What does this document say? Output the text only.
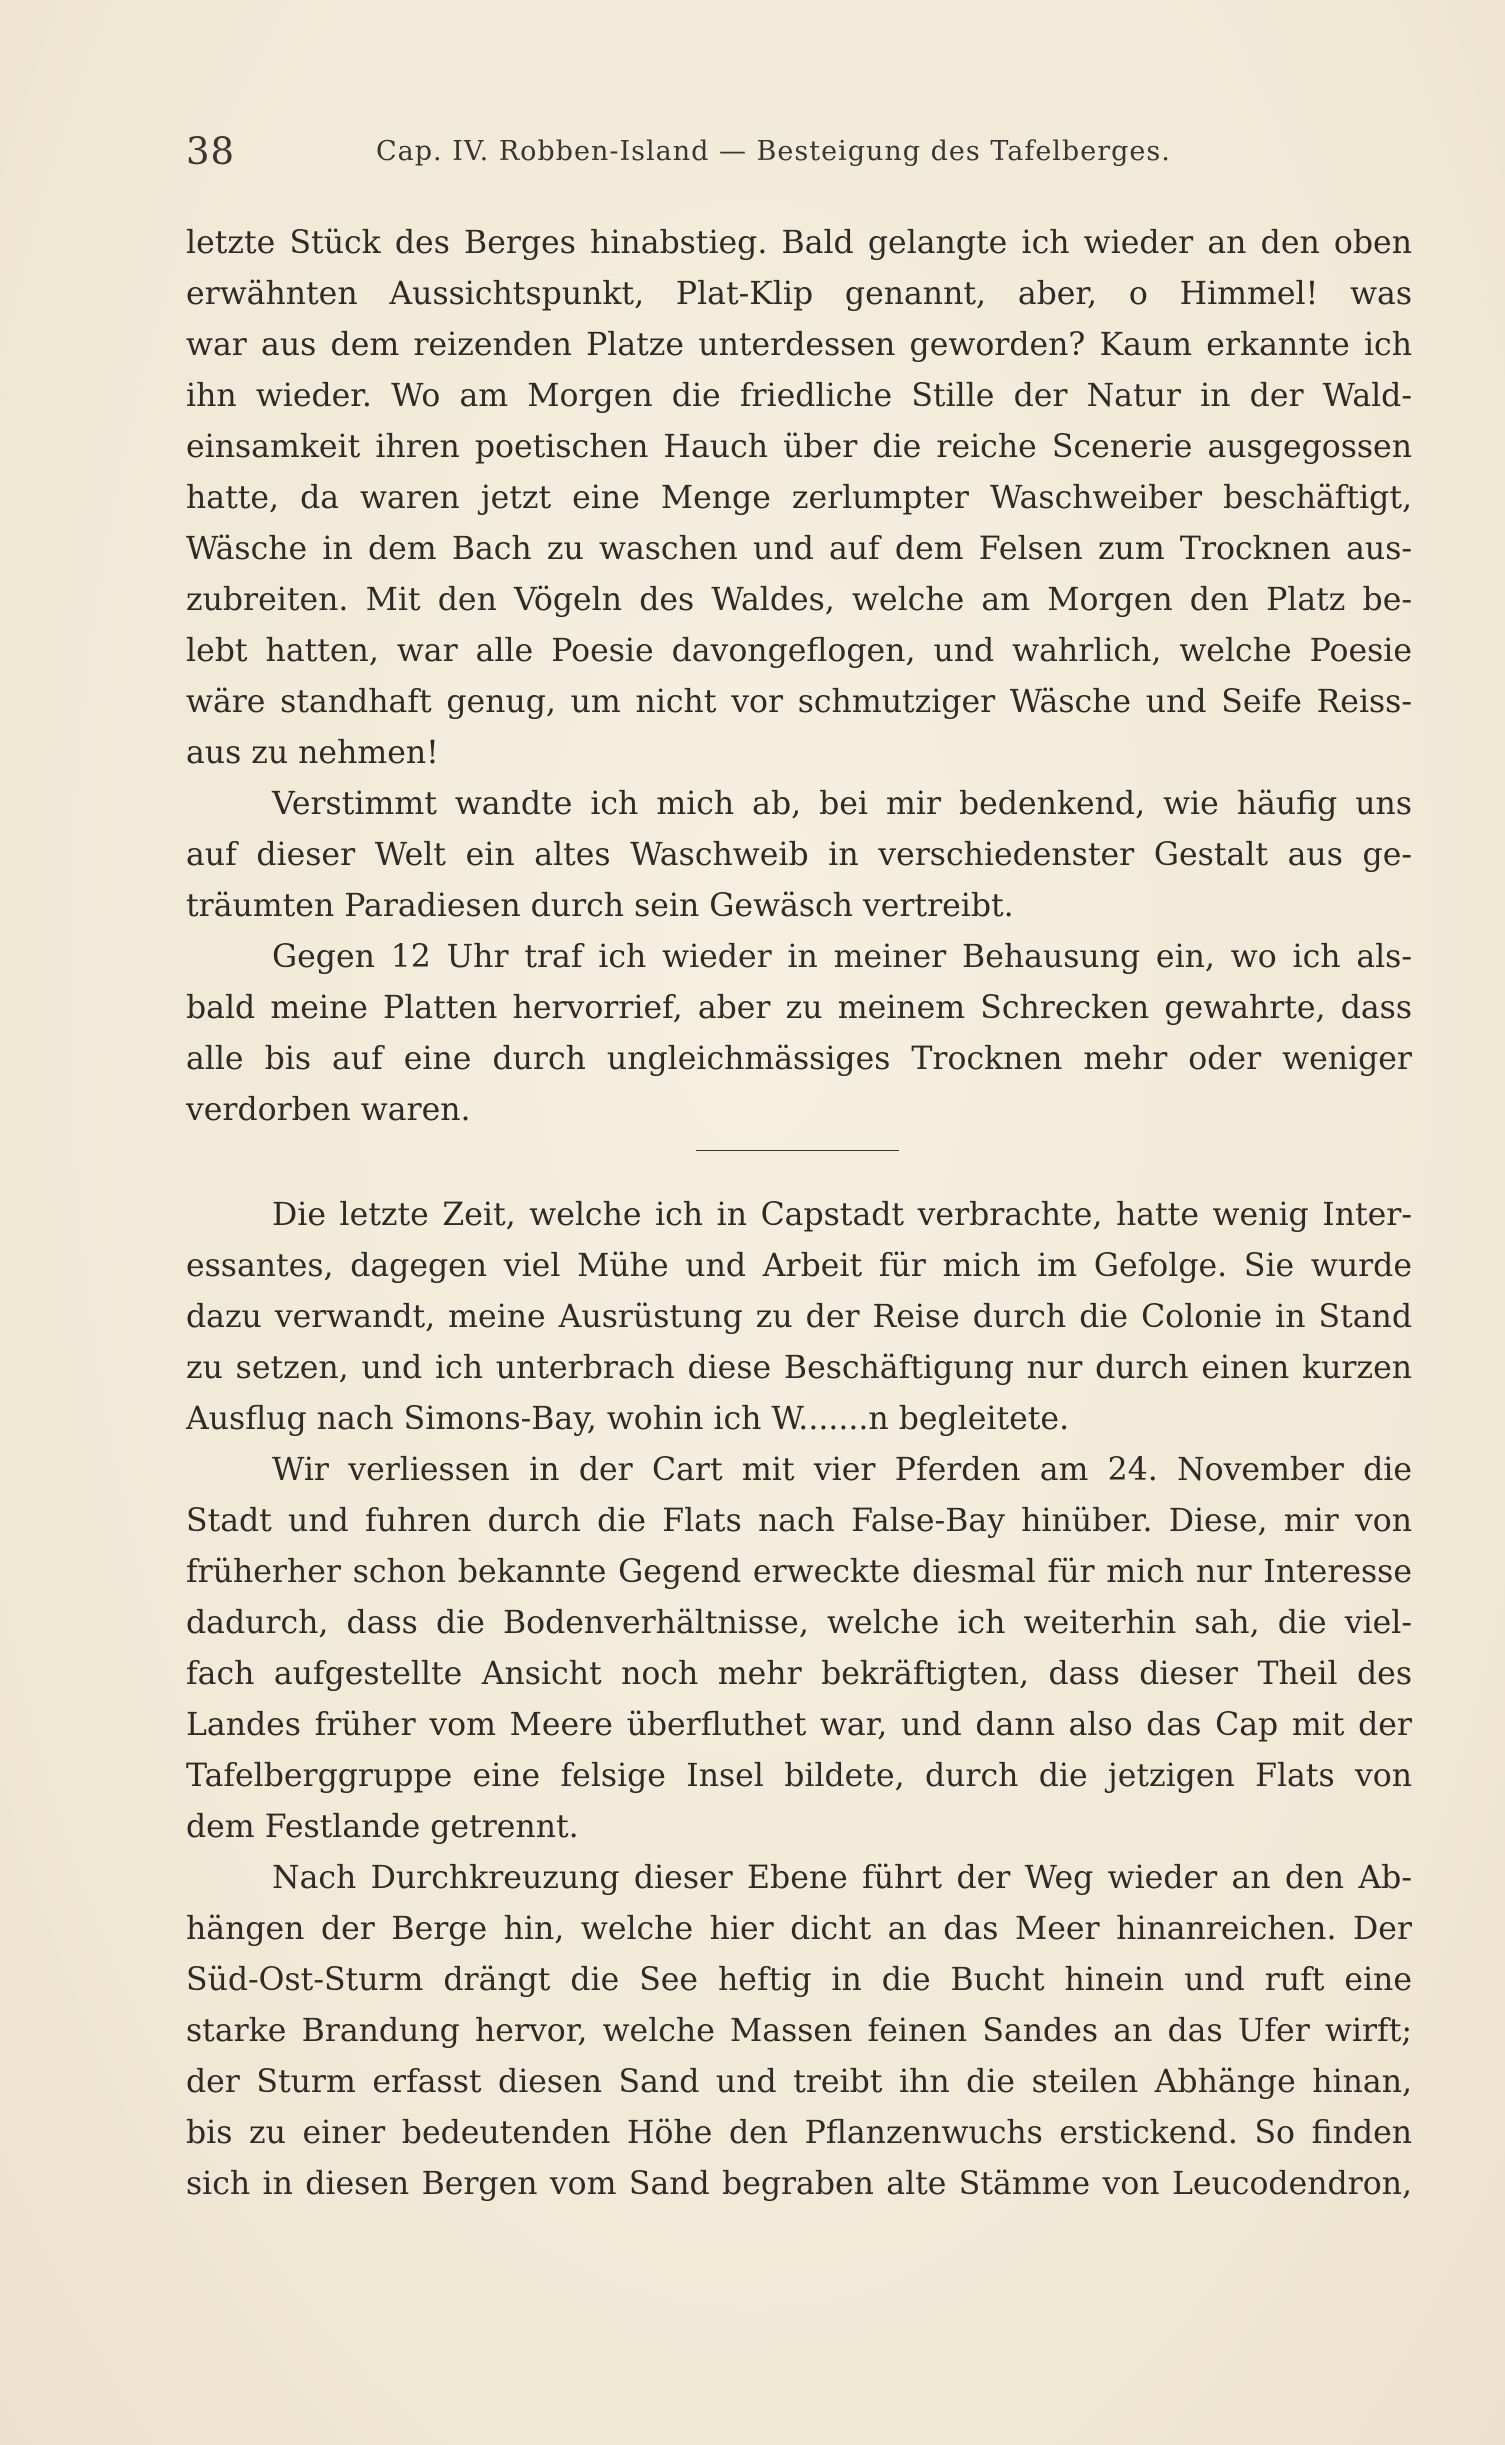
38	Cap. IV. Robben-Island — Besteigung des Tafelberges.
letzte Stück des Berges hinabstieg. Bald gelangte ich wieder an den oben
erwähnten Aussichtspunkt, Plat-Klip genannt, aber, o Himmel! was
war aus dem reizenden Platze unterdessen geworden? Kaum erkannte ich
ihn wieder. Wo am Morgen die friedliche Stille der Natur in der Wald-
einsamkeit ihren poetischen Hauch über die reiche Scenerie ausgegossen
hatte, da waren jetzt eine Menge zerlumpter Waschweiber beschäftigt,
Wäsche in dem Bach zu waschen und auf dem Felsen zum Trocknen aus-
zubreiten. Mit den Vögeln des Waldes, welche am Morgen den Platz be-
lebt hatten, war alle Poesie davongeflogen, und wahrlich, welche Poesie
wäre standhaft genug, um nicht vor schmutziger Wäsche und Seife Reiss-
aus zu nehmen!
Verstimmt wandte ich mich ab, bei mir bedenkend, wie häufig uns
auf dieser Welt ein altes Waschweib in verschiedenster Gestalt aus ge-
träumten Paradiesen durch sein Gewäsch vertreibt.
Gegen 12 Uhr traf ich wieder in meiner Behausung ein, wo ich als-
bald meine Platten hervorrief, aber zu meinem Schrecken gewahrte, dass
alle bis auf eine durch ungleichmässiges Trocknen mehr oder weniger
verdorben waren.
Die letzte Zeit, welche ich in Capstadt verbrachte, hatte wenig Inter-
essantes, dagegen viel Mühe und Arbeit für mich im Gefolge. Sie wurde
dazu verwandt, meine Ausrüstung zu der Reise durch die Colonie in Stand
zu setzen, und ich unterbrach diese Beschäftigung nur durch einen kurzen
Ausflug nach Simons-Bay, wohin ich W.......n begleitete.
Wir verliessen in der Cart mit vier Pferden am 24. November die
Stadt und fuhren durch die Flats nach False-Bay hinüber. Diese, mir von
früherher schon bekannte Gegend erweckte diesmal für mich nur Interesse
dadurch, dass die Bodenverhältnisse, welche ich weiterhin sah, die viel-
fach aufgestellte Ansicht noch mehr bekräftigten, dass dieser Theil des
Landes früher vom Meere überfluthet war, und dann also das Cap mit der
Tafelberggruppe eine felsige Insel bildete, durch die jetzigen Flats von
dem Festlande getrennt.
Nach Durchkreuzung dieser Ebene führt der Weg wieder an den Ab-
hängen der Berge hin, welche hier dicht an das Meer hinanreichen. Der
Süd-Ost-Sturm drängt die See heftig in die Bucht hinein und ruft eine
starke Brandung hervor, welche Massen feinen Sandes an das Ufer wirft;
der Sturm erfasst diesen Sand und treibt ihn die steilen Abhänge hinan,
bis zu einer bedeutenden Höhe den Pflanzenwuchs erstickend. So finden
sich in diesen Bergen vom Sand begraben alte Stämme von Leucodendron,
